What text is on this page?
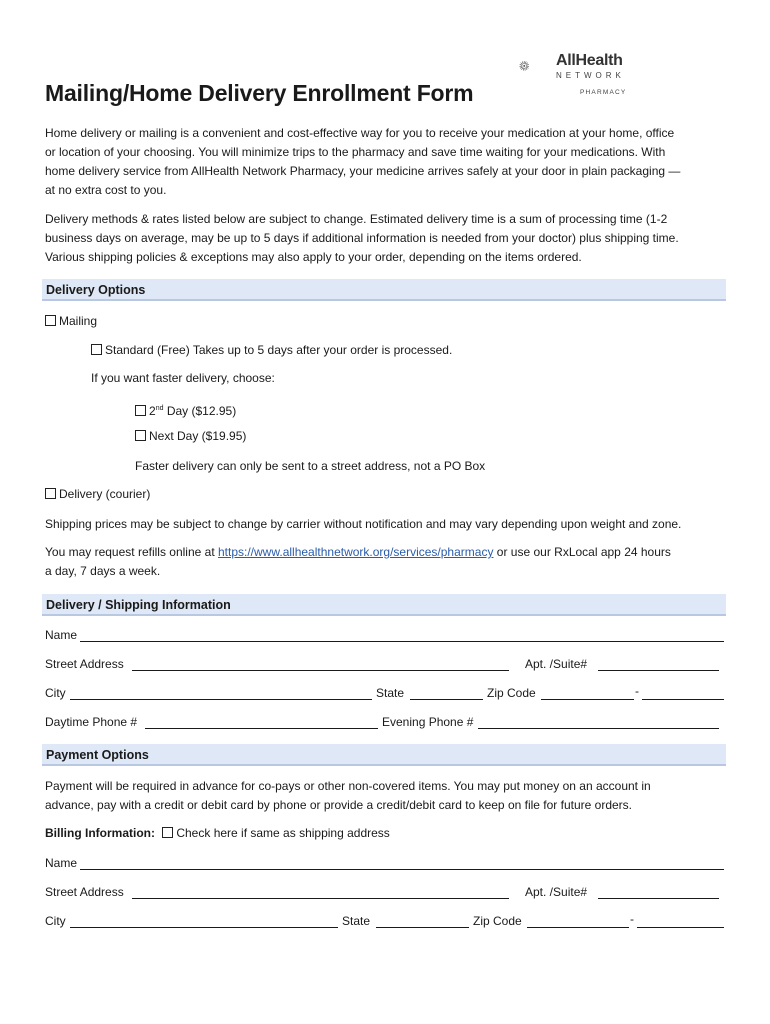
AllHealth
NETWORK
PHARMACY
Mailing/Home Delivery Enrollment Form
Home delivery or mailing is a convenient and cost-effective way for you to receive your medication at your home, office
or location of your choosing. You will minimize trips to the pharmacy and save time waiting for your medications. With
home delivery service from AllHealth Network Pharmacy, your medicine arrives safely at your door in plain packaging —
at no extra cost to you.
Delivery methods & rates listed below are subject to change. Estimated delivery time is a sum of processing time (1-2
business days on average, may be up to 5 days if additional information is needed from your doctor) plus shipping time.
Various shipping policies & exceptions may also apply to your order, depending on the items ordered.
Delivery Options
Mailing
Standard (Free) Takes up to 5 days after your order is processed.
If you want faster delivery, choose:
2nd Day ($12.95)
Next Day ($19.95)
Faster delivery can only be sent to a street address, not a PO Box
Delivery (courier)
Shipping prices may be subject to change by carrier without notification and may vary depending upon weight and zone.
You may request refills online at https://www.allhealthnetwork.org/services/pharmacy or use our RxLocal app 24 hours
a day, 7 days a week.
Delivery / Shipping Information
Name
Street Address	Apt. /Suite#
City	State	Zip Code	-
Daytime Phone #	Evening Phone #
Payment Options
Payment will be required in advance for co-pays or other non-covered items. You may put money on an account in
advance, pay with a credit or debit card by phone or provide a credit/debit card to keep on file for future orders.
Billing Information: Check here if same as shipping address
Name
Street Address	Apt. /Suite#
City	State	Zip Code	-
